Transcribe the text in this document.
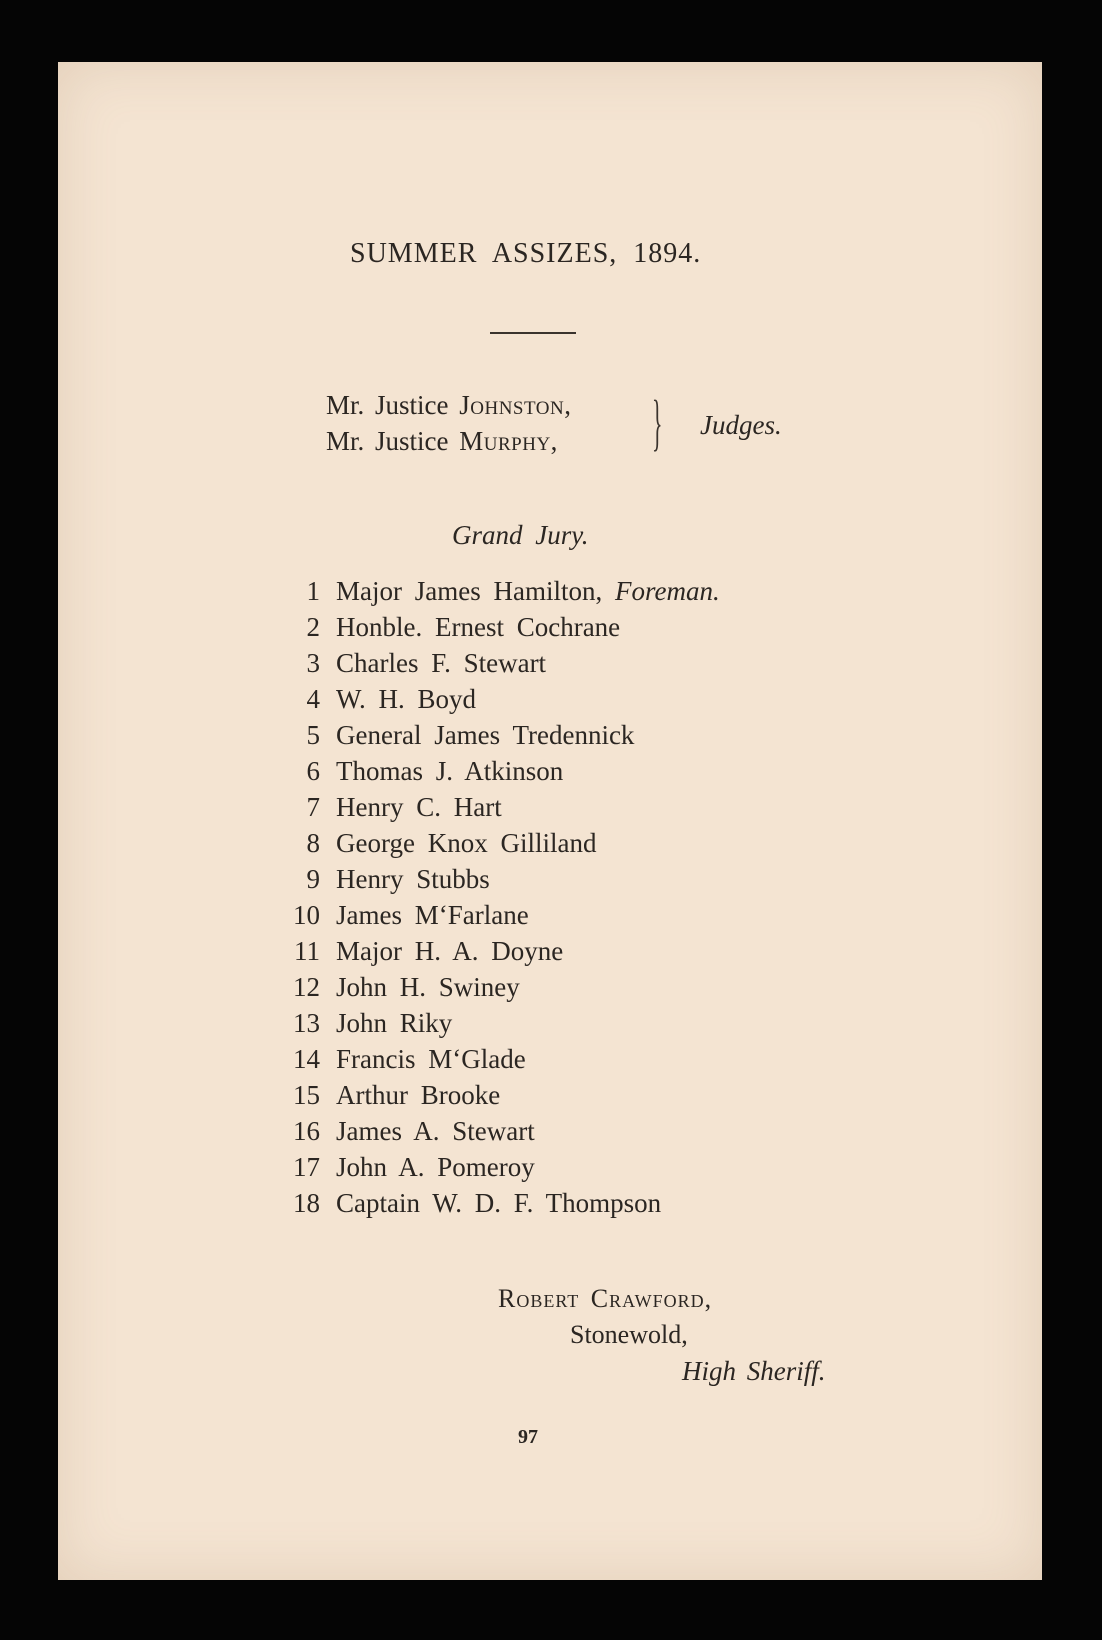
SUMMER ASSIZES, 1894.
Mr. Justice Johnston,
Mr. Justice Murphy, } Judges.
Grand Jury.
1 Major James Hamilton, Foreman.
2 Honble. Ernest Cochrane
3 Charles F. Stewart
4 W. H. Boyd
5 General James Tredennick
6 Thomas J. Atkinson
7 Henry C. Hart
8 George Knox Gilliland
9 Henry Stubbs
10 James M‘Farlane
11 Major H. A. Doyne
12 John H. Swiney
13 John Riky
14 Francis M‘Glade
15 Arthur Brooke
16 James A. Stewart
17 John A. Pomeroy
18 Captain W. D. F. Thompson
Robert Crawford,
Stonewold,
High Sheriff.
97
